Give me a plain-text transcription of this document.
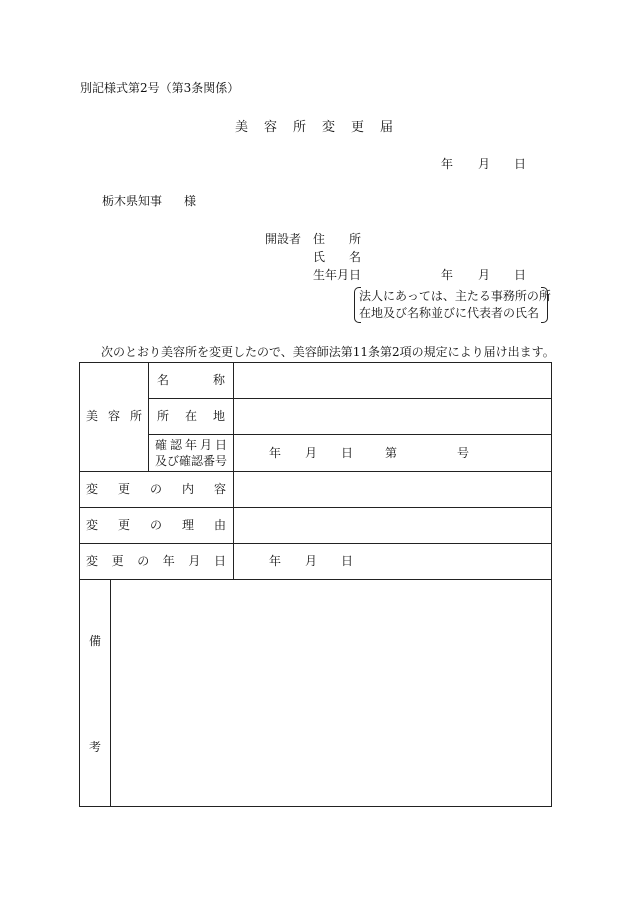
別記様式第2号（第3条関係）
美 容 所 変 更 届
年 月 日
栃木県知事 様
開設者 住　　所
氏　　名
生年月日	年 月 日
法人にあっては、主たる事務所の所
在地及び名称並びに代表者の氏名
次のとおり美容所を変更したので、美容師法第11条第2項の規定により届け出ます。
美 容 所
名	称
所 在 地
確 認 年 月 日
及び確認番号
年 月 日	第	号
変 更 の 内 容
変 更 の 理 由
変 更 の 年 月 日	年 月 日
備
考
